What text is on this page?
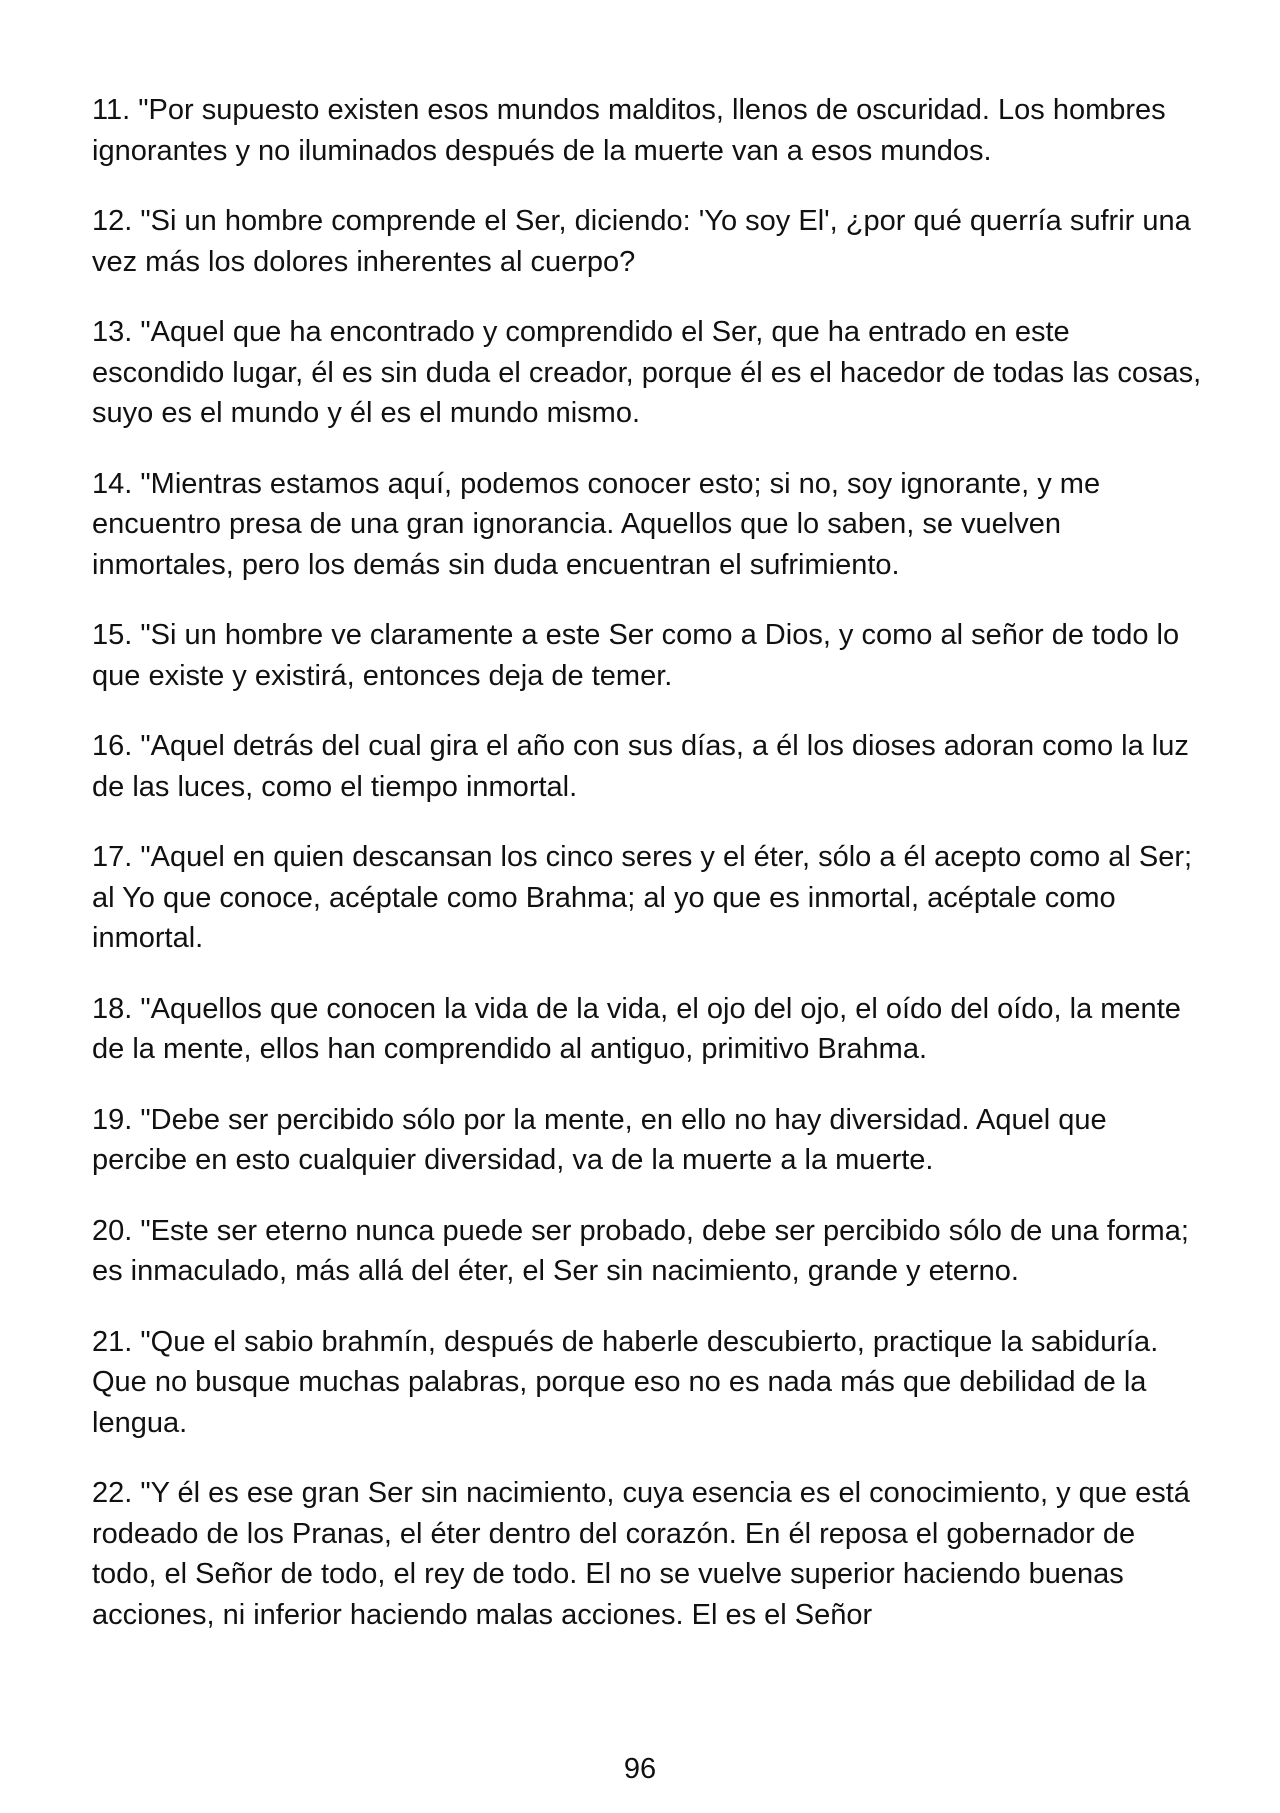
11. "Por supuesto existen esos mundos malditos, llenos de oscuridad. Los hombres ignorantes y no iluminados después de la muerte van a esos mundos.

12. "Si un hombre comprende el Ser, diciendo: 'Yo soy El', ¿por qué querría sufrir una vez más los dolores inherentes al cuerpo?

13. "Aquel que ha encontrado y comprendido el Ser, que ha entrado en este escondido lugar, él es sin duda el creador, porque él es el hacedor de todas las cosas, suyo es el mundo y él es el mundo mismo.

14. "Mientras estamos aquí, podemos conocer esto; si no, soy ignorante, y me encuentro presa de una gran ignorancia. Aquellos que lo saben, se vuelven inmortales, pero los demás sin duda encuentran el sufrimiento.

15. "Si un hombre ve claramente a este Ser como a Dios, y como al señor de todo lo que existe y existirá, entonces deja de temer.

16. "Aquel detrás del cual gira el año con sus días, a él los dioses adoran como la luz de las luces, como el tiempo inmortal.

17. "Aquel en quien descansan los cinco seres y el éter, sólo a él acepto como al Ser; al Yo que conoce, acéptale como Brahma; al yo que es inmortal, acéptale como inmortal.

18. "Aquellos que conocen la vida de la vida, el ojo del ojo, el oído del oído, la mente de la mente, ellos han comprendido al antiguo, primitivo Brahma.

19. "Debe ser percibido sólo por la mente, en ello no hay diversidad. Aquel que percibe en esto cualquier diversidad, va de la muerte a la muerte.

20. "Este ser eterno nunca puede ser probado, debe ser percibido sólo de una forma; es inmaculado, más allá del éter, el Ser sin nacimiento, grande y eterno.

21. "Que el sabio brahmín, después de haberle descubierto, practique la sabiduría. Que no busque muchas palabras, porque eso no es nada más que debilidad de la lengua.

22. "Y él es ese gran Ser sin nacimiento, cuya esencia es el conocimiento, y que está rodeado de los Pranas, el éter dentro del corazón. En él reposa el gobernador de todo, el Señor de todo, el rey de todo. El no se vuelve superior haciendo buenas acciones, ni inferior haciendo malas acciones. El es el Señor

96
